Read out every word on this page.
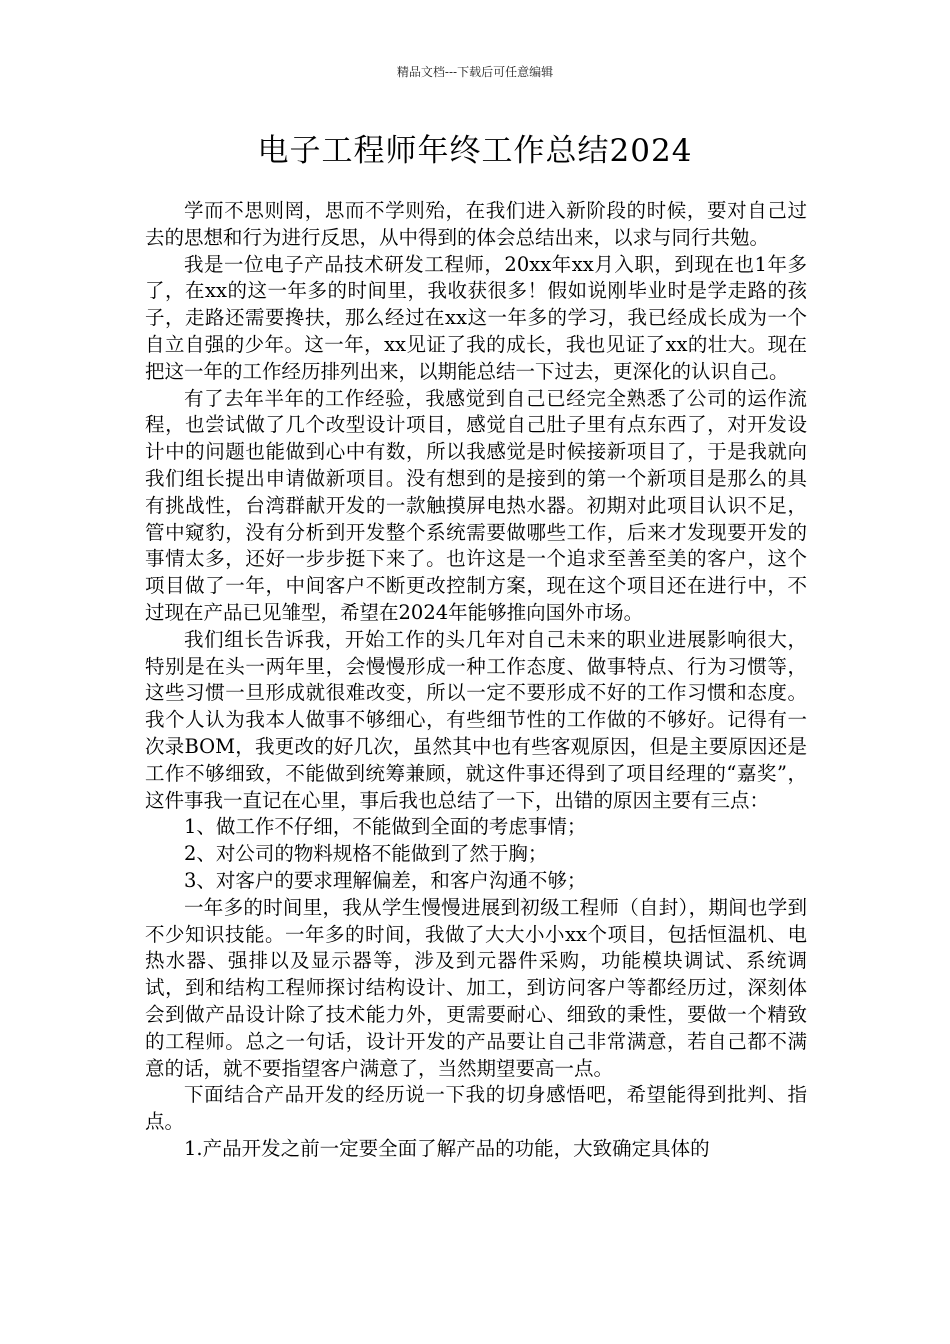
精品文档---下载后可任意编辑
电子工程师年终工作总结2024

学而不思则罔，思而不学则殆，在我们进入新阶段的时候，要对自己过去的思想和行为进行反思，从中得到的体会总结出来，以求与同行共勉。

我是一位电子产品技术研发工程师，20xx年xx月入职，到现在也1年多了，在xx的这一年多的时间里，我收获很多！假如说刚毕业时是学走路的孩子，走路还需要搀扶，那么经过在xx这一年多的学习，我已经成长成为一个自立自强的少年。这一年，xx见证了我的成长，我也见证了xx的壮大。现在把这一年的工作经历排列出来，以期能总结一下过去，更深化的认识自己。

有了去年半年的工作经验，我感觉到自己已经完全熟悉了公司的运作流程，也尝试做了几个改型设计项目，感觉自己肚子里有点东西了，对开发设计中的问题也能做到心中有数，所以我感觉是时候接新项目了，于是我就向我们组长提出申请做新项目。没有想到的是接到的第一个新项目是那么的具有挑战性，台湾群献开发的一款触摸屏电热水器。初期对此项目认识不足，管中窥豹，没有分析到开发整个系统需要做哪些工作，后来才发现要开发的事情太多，还好一步步挺下来了。也许这是一个追求至善至美的客户，这个项目做了一年，中间客户不断更改控制方案，现在这个项目还在进行中，不过现在产品已见雏型，希望在2024年能够推向国外市场。

我们组长告诉我，开始工作的头几年对自己未来的职业进展影响很大，特别是在头一两年里，会慢慢形成一种工作态度、做事特点、行为习惯等，这些习惯一旦形成就很难改变，所以一定不要形成不好的工作习惯和态度。我个人认为我本人做事不够细心，有些细节性的工作做的不够好。记得有一次录BOM，我更改的好几次，虽然其中也有些客观原因，但是主要原因还是工作不够细致，不能做到统筹兼顾，就这件事还得到了项目经理的“嘉奖”，这件事我一直记在心里，事后我也总结了一下，出错的原因主要有三点：

1、做工作不仔细，不能做到全面的考虑事情；

2、对公司的物料规格不能做到了然于胸；

3、对客户的要求理解偏差，和客户沟通不够；

一年多的时间里，我从学生慢慢进展到初级工程师（自封），期间也学到不少知识技能。一年多的时间，我做了大大小小xx个项目，包括恒温机、电热水器、强排以及显示器等，涉及到元器件采购，功能模块调试、系统调试，到和结构工程师探讨结构设计、加工，到访问客户等都经历过，深刻体会到做产品设计除了技术能力外，更需要耐心、细致的秉性，要做一个精致的工程师。总之一句话，设计开发的产品要让自己非常满意，若自己都不满意的话，就不要指望客户满意了，当然期望要高一点。

下面结合产品开发的经历说一下我的切身感悟吧，希望能得到批判、指点。

1.产品开发之前一定要全面了解产品的功能，大致确定具体的
